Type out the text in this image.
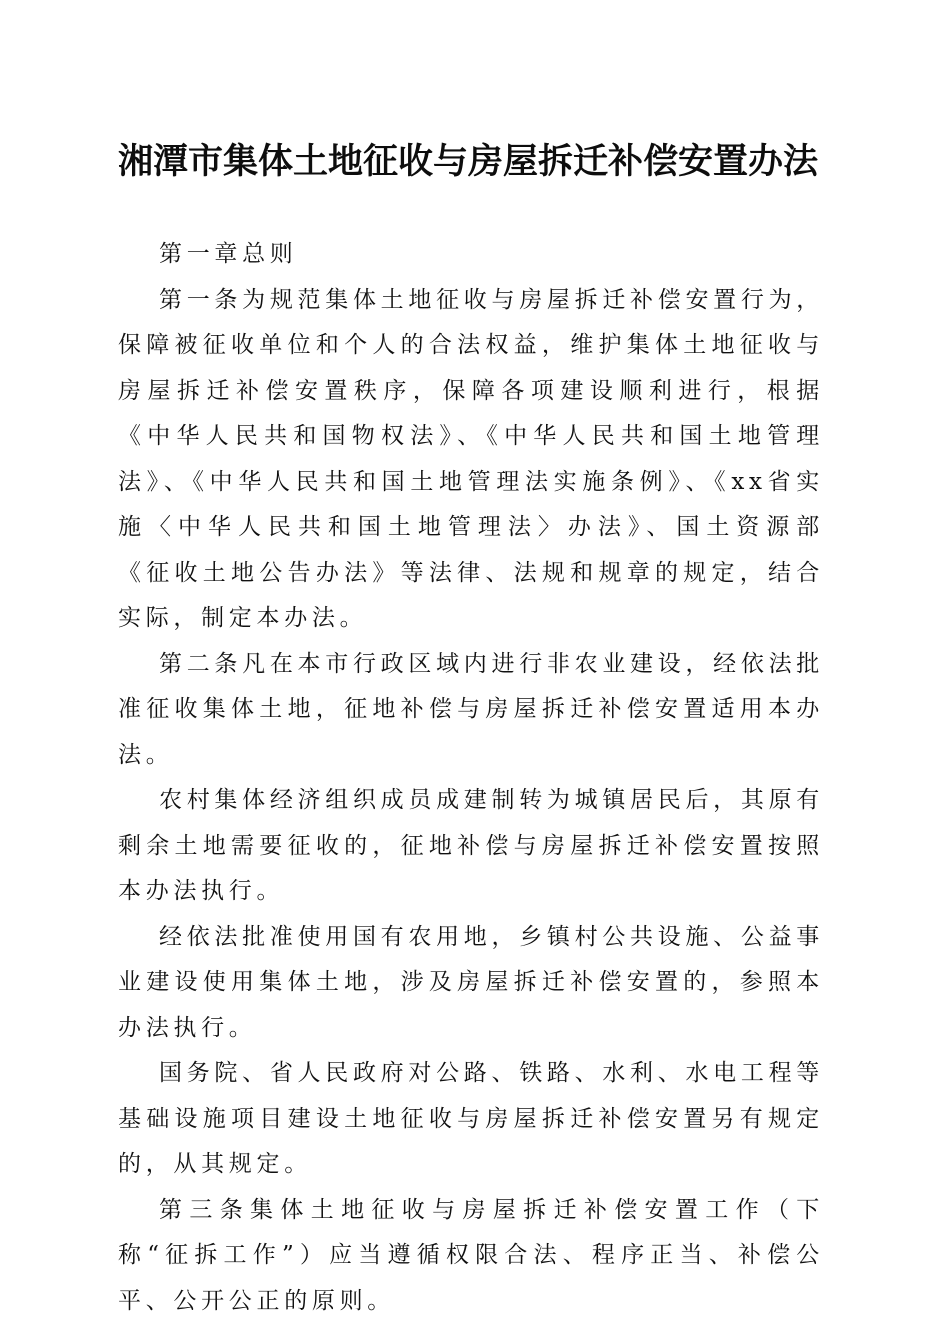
湘潭市集体土地征收与房屋拆迁补偿安置办法

第一章总则

第一条为规范集体土地征收与房屋拆迁补偿安置行为，保障被征收单位和个人的合法权益，维护集体土地征收与房屋拆迁补偿安置秩序，保障各项建设顺利进行，根据《中华人民共和国物权法》、《中华人民共和国土地管理法》、《中华人民共和国土地管理法实施条例》、《xx省实施〈中华人民共和国土地管理法〉办法》、国土资源部《征收土地公告办法》等法律、法规和规章的规定，结合实际，制定本办法。

第二条凡在本市行政区域内进行非农业建设，经依法批准征收集体土地，征地补偿与房屋拆迁补偿安置适用本办法。

农村集体经济组织成员成建制转为城镇居民后，其原有剩余土地需要征收的，征地补偿与房屋拆迁补偿安置按照本办法执行。

经依法批准使用国有农用地，乡镇村公共设施、公益事业建设使用集体土地，涉及房屋拆迁补偿安置的，参照本办法执行。

国务院、省人民政府对公路、铁路、水利、水电工程等基础设施项目建设土地征收与房屋拆迁补偿安置另有规定的，从其规定。

第三条集体土地征收与房屋拆迁补偿安置工作（下称“征拆工作”）应当遵循权限合法、程序正当、补偿公平、公开公正的原则。
